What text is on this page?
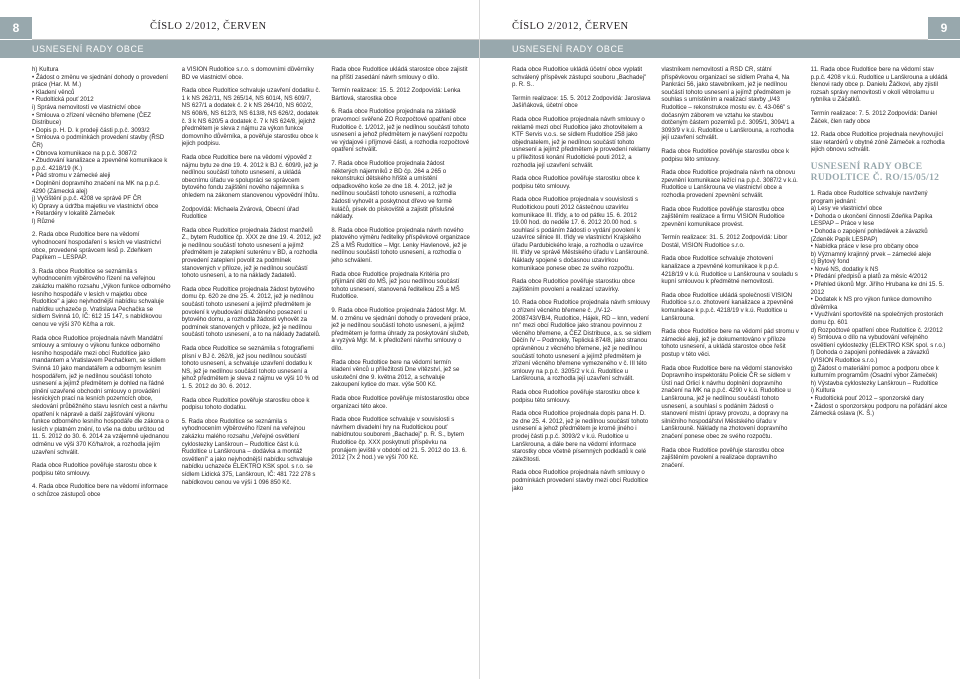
8	ČÍSLO 2/2012, ČERVEN
USNESENÍ RADY OBCE
h) Kultura
• Žádost o změnu ve sjednání dohody o provedení práce (Har. M. M.)
• Kladení věnců
• Rudoltická pouť 2012
i) Správa nemovitostí ve vlastnictví obce
• Smlouva o zřízení věcného břemene (ČEZ Distribuce)
• Dopis p. H. D. k prodeji části p.p.č. 3093/2
• Smlouva o podmínkách provedení stavby (ŘSD ČR)
• Obnova komunikace na p.p.č. 3087/2
• Zbudování kanalizace a zpevněné komunikace k p.p.č. 4218/19 (K.)
• Pád stromu v zámecké aleji
• Doplnění dopravního značení na MK na p.p.č. 4290 (Zámecká alej)
j) Vyčištění p.p.č. 4208 ve správě PF ČR
k) Opravy a údržba majetku ve vlastnictví obce
• Retardéry v lokalitě Zámeček
l) Různé

2. Rada obce Rudoltice bere na vědomí vyhodnocení hospodaření s lesích ve vlastnictví obce, provedené správcem lesů p. Zdeňkem Papíkem – LESPAP.

3. Rada obce Rudoltice se seznámila s vyhodnocením výběrového řízení na veřejnou zakázku malého rozsahu „Výkon funkce odborného lesního hospodáře v lesích v majetku obce Rudoltice" a jako nejvhodnější nabídku schvaluje nabídku uchazeče p. Vratislava Pechačka se sídlem Svinná 10, IČ: 612 15 147, s nabídkovou cenou ve výši 370 Kč/ha a rok.

Rada obce Rudoltice projednala návrh Mandátní smlouvy a smlouvy o výkonu funkce odborného lesního hospodáře mezi obcí Rudoltice jako mandantem a Vratislavem Pechačkem, se sídlem Svinná 10 jako mandatářem a odborným lesním hospodářem, jež je nedílnou součástí tohoto usnesení a jejímž předmětem je dohled na řádné plnění uzavřené obchodní smlouvy o provádění lesnických prací na lesních pozemcích obce, sledování průběžného stavu lesních cest a návrhu opatření k nápravě a další zajišťování výkonu funkce odborného lesního hospodáře dle zákona o lesích v platném znění, to vše na dobu určitou od 11. 5. 2012 do 30. 6. 2014 za vzájemně ujednanou odměnu ve výši 370 Kč/ha/rok, a rozhodla jejím uzavření schválit.

Rada obce Rudoltice pověřuje starostu obce k podpisu této smlouvy.

4. Rada obce Rudoltice bere na vědomí informace o schůzce zástupců obce

a VISION Rudoltice s.r.o. s domovními důvěrníky BD ve vlastnictví obce.

Rada obce Rudoltice schvaluje uzavření dodatku č. 1 k NS 262/11, NS 265/14, NS 601/4, NS 609/7, NS 627/1 a dodatek č. 2 k NS 264/10, NS 602/2, NS 608/6, NS 612/3, NS 613/8, NS 626/2, dodatek č. 3 k NS 620/5 a dodatek č. 7 k NS 624/8, jejichž předmětem je sleva z nájmu za výkon funkce domovního důvěrníka, a pověřuje starostku obce k jejich podpisu.

Rada obce Rudoltice bere na vědomí výpověď z nájmu bytu ze dne 19. 4. 2012 k BJ č. 609/9, jež je nedílnou součástí tohoto usnesení, a ukládá obecnímu úřadu ve spolupráci se správcem bytového fondu zajištění nového nájemníka s ohledem na zákonem stanovenou výpovědní lhůtu.

Zodpovídá: Michaela Zvárová, Obecní úřad Rudoltice

Rada obce Rudoltice projednala žádost manželů Z., bytem Rudoltice čp. XXX ze dne 19. 4. 2012, jež je nedílnou součástí tohoto usnesení a jejímž předmětem je zateplení suterénu v BD, a rozhodla provedení zateplení povolit za podmínek stanovených v příloze, jež je nedílnou součástí tohoto usnesení, a to na náklady žadatelů.

Rada obce Rudoltice projednala žádost bytového domu čp. 620 ze dne 25. 4. 2012, jež je nedílnou součástí tohoto usnesení a jejímž předmětem je povolení k vybudování dlážděného posezení u bytového domu, a rozhodla žádosti vyhovět za podmínek stanovených v příloze, jež je nedílnou součástí tohoto usnesení, a to na náklady žadatelů.

Rada obce Rudoltice se seznámila s fotografiemi plísní v BJ č. 262/8, jež jsou nedílnou součástí tohoto usnesení, a schvaluje uzavření dodatku k NS, jež je nedílnou součástí tohoto usnesení a jehož předmětem je sleva z nájmu ve výši 10 % od 1. 5. 2012 do 30. 6. 2012.

Rada obce Rudoltice pověřuje starostku obce k podpisu tohoto dodatku.

5. Rada obce Rudoltice se seznámila s vyhodnocením výběrového řízení na veřejnou zakázku malého rozsahu „Veřejné osvětlení cyklostezky Lanškroun – Rudoltice část k.ú. Rudoltice u Lanškrouna – dodávka a montáž osvětlení" a jako nejvhodnější nabídku schvaluje nabídku uchazeče ELEKTRO KSK spol. s r.o. se sídlem Lidická 375, Lanškroun, IČ: 481 722 278 s nabídkovou cenou ve výši 1 096 850 Kč.

Rada obce Rudoltice ukládá starostce obce zajistit na příští zasedání návrh smlouvy o dílo.

Termín realizace: 15. 5. 2012 Zodpovídá: Lenka Bártlová, starostka obce

6. Rada obce Rudoltice projednala na základě pravomocí svěřené ZO Rozpočtové opatření obce Rudoltice č. 1/2012, jež je nedílnou součástí tohoto usnesení a jehož předmětem je navýšení rozpočtu ve výdajové i příjmové části, a rozhodla rozpočtové opatření schválit.

7. Rada obce Rudoltice projednala žádost některých nájemníků z BD čp. 264 a 265 o rekonstrukci dětského hřiště a umístění odpadkového koše ze dne 18. 4. 2012, jež je nedílnou součástí tohoto usnesení, a rozhodla žádosti vyhovět a poskytnout dřevo ve formě kuláčů, písek do pískoviště a zajistit příslušné náklady.

8. Rada obce Rudoltice projednala návrh nového platového výměru ředitelky příspěvkové organizace ZŠ a MŠ Rudoltice – Mgr. Lenky Havlenové, jež je nedílnou součástí tohoto usnesení, a rozhodla o jeho schválení.

Rada obce Rudoltice projednala Kritéria pro přijímání dětí do MŠ, jež jsou nedílnou součástí tohoto usnesení, stanovená ředitelkou ZŠ a MŠ Rudoltice.

9. Rada obce Rudoltice projednala žádost Mgr. M. M. o změnu ve sjednání dohody o provedení práce, jež je nedílnou součástí tohoto usnesení, a jejímž předmětem je forma úhrady za poskytování služeb, a vyzývá Mgr. M. k předložení návrhu smlouvy o dílo.

Rada obce Rudoltice bere na vědomí termín kladení věnců u příležitosti Dne vítězství, jež se uskuteční dne 9. května 2012, a schvaluje zakoupení kytice do max. výše 500 Kč.

Rada obce Rudoltice pověřuje místostarostku obce organizaci této akce.

Rada obce Rudoltice schvaluje v souvislosti s návrhem divadelní hry na Rudoltickou pouť nabídnutou souborem „Bachadej" p. R. S., bytem Rudoltice čp. XXX poskytnutí příspěvku na pronájem jeviště v období od 21. 5. 2012 do 13. 6. 2012 (7x 2 hod.) ve výši 700 Kč.

9
ČÍSLO 2/2012, ČERVEN
USNESENÍ RADY OBCE

Rada obce Rudoltice ukládá účetní obce vyplatit schválený příspěvek zástupci souboru „Bachadej" p. R. S..

Termín realizace: 15. 5. 2012 Zodpovídá: Jaroslava Jašíňáková, účetní obce

Rada obce Rudoltice projednala návrh smlouvy o reklamě mezi obcí Rudoltice jako zhotovitelem a KTF Servis v.o.s. se sídlem Rudoltice 258 jako objednatelem, jež je nedílnou součástí tohoto usnesení a jejímž předmětem je provedení reklamy u příležitosti konání Rudoltické pouti 2012, a rozhodla její uzavření schválit.

Rada obce Rudoltice pověřuje starostku obce k podpisu této smlouvy.

Rada obce Rudoltice projednala v souvislosti s Rudoltickou poutí 2012 částečnou uzavírku komunikace III. třídy, a to od pátku 15. 6. 2012 19.00 hod. do neděle 17. 6. 2012 20.00 hod. s souhlasí s podáním žádosti o vydání povolení k uzavírce silnice III. třídy ve vlastnictví Krajského úřadu Pardubického kraje, a rozhodla o uzavírce III. třídy ve správě Městského úřadu v Lanškrouně. Náklady spojené s dočasnou uzavírkou komunikace ponese obec ze svého rozpočtu.

Rada obce Rudoltice pověřuje starostku obce zajištěním povolení a realizací uzavírky.

10. Rada obce Rudoltice projednala návrh smlouvy o zřízení věcného břemene č. „IV-12-2008743/VB/4, Rudoltice, Hájek, RD – knn, vedení nn" mezi obcí Rudoltice jako stranou povinnou z věcného břemene, a ČEZ Distribuce, a.s. se sídlem Děčín IV – Podmokly, Teplická 874/8, jako stranou oprávněnou z věcného břemene, jež je nedílnou součástí tohoto usnesení a jejímž předmětem je zřízení věcného břemene vymezeného v č. III této smlouvy na p.p.č. 3205/2 v k.ú. Rudoltice u Lanškrouna, a rozhodla její uzavření schválit.

Rada obce Rudoltice pověřuje starostku obce k podpisu této smlouvy.

Rada obce Rudoltice projednala dopis pana H. D. ze dne 25. 4. 2012, jež je nedílnou součástí tohoto usnesení a jehož předmětem je kromě jiného i prodej části p.p.č. 3093/2 v k.ú. Rudoltice u Lanškrouna, a dále bere na vědomí informace starostky obce včetně písemných podkladů k celé záležitosti.

Rada obce Rudoltice projednala návrh smlouvy o podmínkách provedení stavby mezi obcí Rudoltice jako

vlastníkem nemovitostí a ŘSD ČR, státní příspěvkovou organizací se sídlem Praha 4, Na Pankráci 56, jako stavebníkem, jež je nedílnou součástí tohoto usnesení a jejímž předmětem je souhlas s umístěním a realizací stavby „I/43 Rudoltice – rekonstrukce mostu ev. č. 43-066" s dočasným záborem ve vztahu ke stavbou dotčeným částem pozemků p.č. 3095/1, 3094/1 a 3093/9 v k.ú. Rudoltice u Lanškrouna, a rozhodla její uzavření schválit.

Rada obce Rudoltice pověřuje starostku obce k podpisu této smlouvy.

Rada obce Rudoltice projednala návrh na obnovu zpevnění komunikace ležící na p.p.č. 3087/2 v k.ú. Rudoltice u Lanškrouna ve vlastnictví obce a rozhodla provedení zpevnění schválit.

Rada obce Rudoltice pověřuje starostku obce zajištěním realizace a firmu VISION Rudoltice zpevnění komunikace provést.

Termín realizace: 31. 5. 2012 Zodpovídá: Libor Dostál, VISION Rudoltice s.r.o.

Rada obce Rudoltice schvaluje zhotovení kanalizace a zpevněné komunikace k p.p.č. 4218/19 v k.ú. Rudoltice u Lanškrouna v souladu s kupní smlouvou k předmětné nemovitosti.

Rada obce Rudoltice ukládá společnosti VISION Rudoltice s.r.o. zhotovení kanalizace a zpevněné komunikace k p.p.č. 4218/19 v k.ú. Rudoltice u Lanškrouna.

Rada obce Rudoltice bere na vědomí pád stromu v zámecké aleji, jež je dokumentováno v příloze tohoto usnesení, a ukládá starostce obce řešit postup v této věci.

Rada obce Rudoltice bere na vědomí stanovisko Dopravního inspektorátu Policie ČR se sídlem v Ústí nad Orlicí k návrhu doplnění dopravního značení na MK na p.p.č. 4290 v k.ú. Rudoltice u Lanškrouna, jež je nedílnou součástí tohoto usnesení, a souhlasí s podáním žádosti o stanovení místní úpravy provozu, a dopravy na silničního hospodářství Městského úřadu v Lanškrouně. Náklady na zhotovení dopravního značení ponese obec ze svého rozpočtu.

Rada obce Rudoltice pověřuje starostku obce zajištěním povolení a realizace dopravního značení.

11. Rada obce Rudoltice bere na vědomí stav p.p.č. 4208 v k.ú. Rudoltice u Lanškrouna a ukládá členovi rady obce p. Danielu Žáčkovi, aby zjistil rozsah správy nemovitosti v okolí větrolamu u rybníka u Záčatků.

Termín realizace: 7. 5. 2012 Zodpovídá: Daniel Žáček, člen rady obce

12. Rada obce Rudoltice projednala nevyhovující stav retardérů v obytné zóně Zámeček a rozhodla jejich obnovu schválit.

USNESENÍ RADY OBCE RUDOLTICE Č. RO/15/05/12
1. Rada obce Rudoltice schvaluje navržený program jednání:
a) Lesy ve vlastnictví obce
• Dohoda o ukončení činnosti Zdeňka Papíka LESPAP – Práce v lese
• Dohoda o zapojení pohledávek a závazků (Zdeněk Papík LESPAP)
• Nabídka práce v lese pro občany obce
b) Významný krajinný prvek – zámecké aleje
c) Bytový fond
• Nové NS, dodatky k NS
• Předání předpisů a platů za měsíc 4/2012
• Přehled úkonů Mgr. Jiřího Hrubana ke dni 15. 5. 2012
• Dodatek k NS pro výkon funkce domovního důvěrníka
• Využívání sportoviště na společných prostorách domu čp. 601
d) Rozpočtové opatření obce Rudoltice č. 2/2012
e) Smlouva o dílo na vybudování veřejného osvětlení cyklostezky (ELEKTRO KSK spol. s r.o.)
f) Dohoda o zapojení pohledávek a závazků (VISION Rudoltice s.r.o.)
g) Žádost o materiální pomoc a podporu obce k kulturním programům (Osadní výbor Zámeček)
h) Výstavba cyklostezky Lanškroun – Rudoltice
i) Kultura
• Rudoltická pouť 2012 – sponzorské dary
• Žádost o sponzorskou podporu na pořádání akce Zámecká oslava (K. Š.)
